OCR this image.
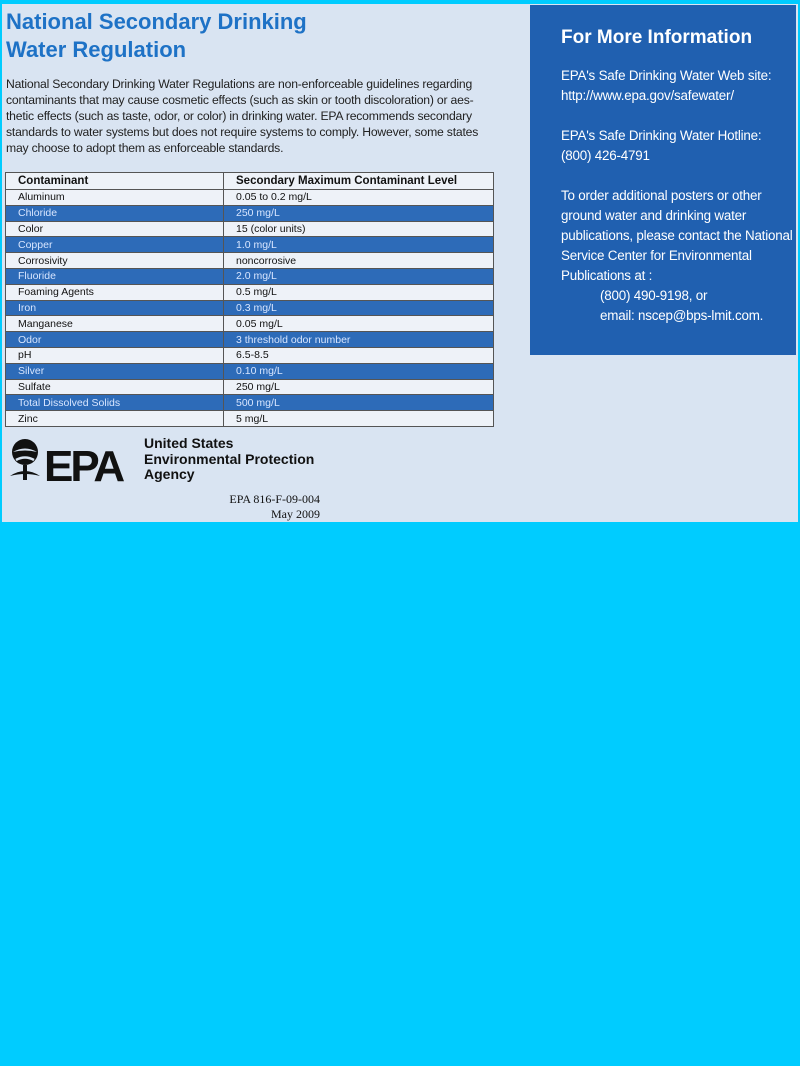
National Secondary Drinking
Water Regulation

National Secondary Drinking Water Regulations are non-enforceable guidelines regarding contaminants that may cause cosmetic effects (such as skin or tooth discoloration) or aes-thetic effects (such as taste, odor, or color) in drinking water. EPA recommends secondary standards to water systems but does not require systems to comply. However, some states may choose to adopt them as enforceable standards.

Contaminant	Secondary Maximum Contaminant Level
Aluminum	0.05 to 0.2 mg/L
Chloride	250 mg/L
Color	15 (color units)
Copper	1.0 mg/L
Corrosivity	noncorrosive
Fluoride	2.0 mg/L
Foaming Agents	0.5 mg/L
Iron	0.3 mg/L
Manganese	0.05 mg/L
Odor	3 threshold odor number
pH	6.5-8.5
Silver	0.10 mg/L
Sulfate	250 mg/L
Total Dissolved Solids	500 mg/L
Zinc	5 mg/L
EPA United States
Environmental Protection
Agency

EPA 816-F-09-004
May 2009

For More Information

EPA's Safe Drinking Water Web site:
http://www.epa.gov/safewater/

EPA's Safe Drinking Water Hotline:
(800) 426-4791

To order additional posters or other ground water and drinking water publications, please contact the National Service Center for Environmental Publications at :
(800) 490-9198, or
email: nscep@bps-lmit.com.
